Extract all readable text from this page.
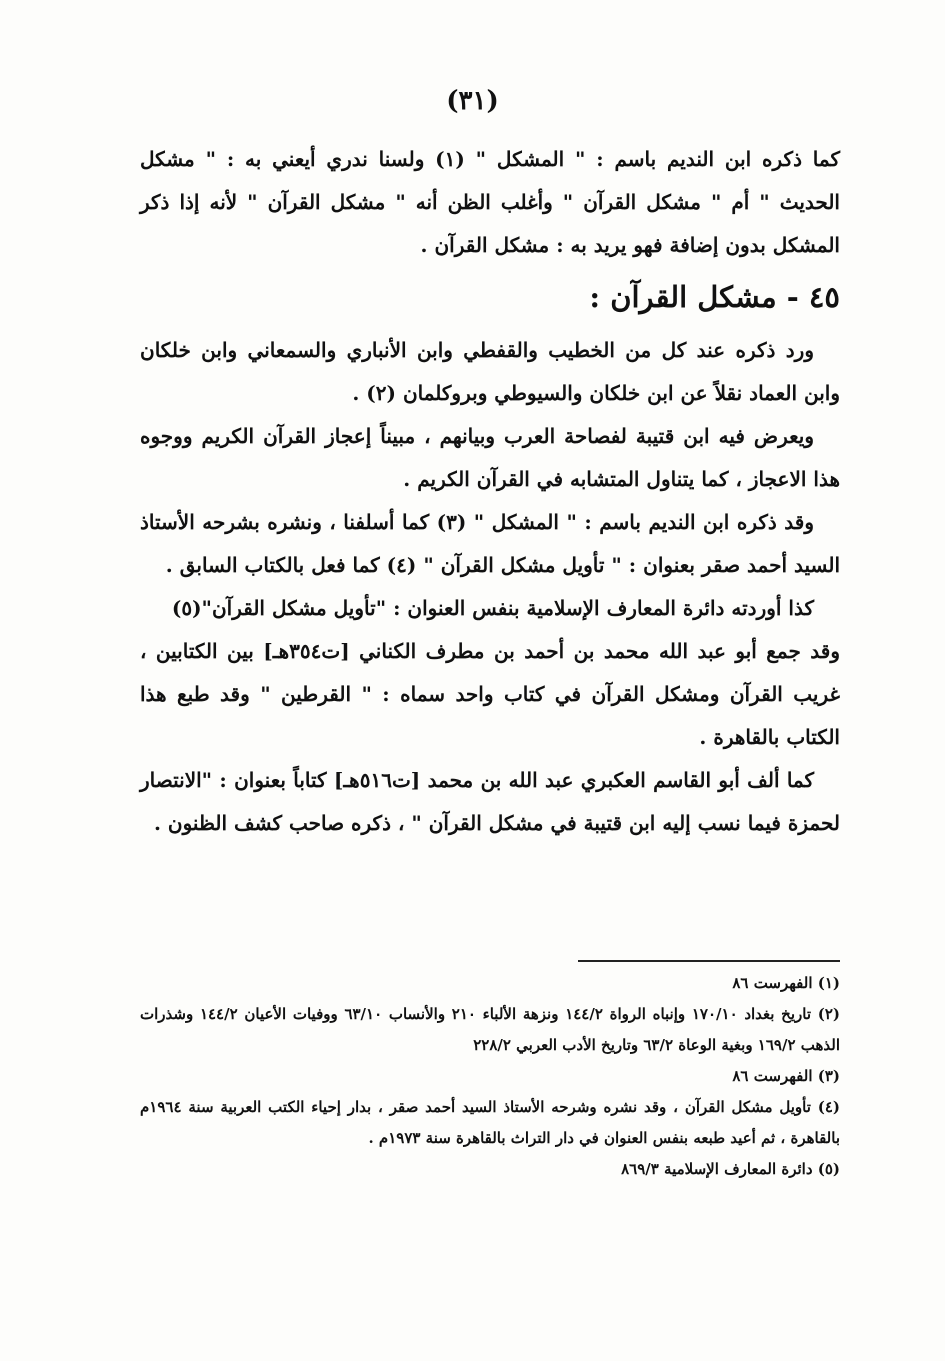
(٣١)

كما ذكره ابن النديم باسم : " المشكل " (١) ولسنا ندري أيعني به : " مشكل الحديث " أم " مشكل القرآن " وأغلب الظن أنه " مشكل القرآن " لأنه إذا ذكر المشكل بدون إضافة فهو يريد به : مشكل القرآن .

٤٥ - مشكل القرآن :

ورد ذكره عند كل من الخطيب والقفطي وابن الأنباري والسمعاني وابن خلكان وابن العماد نقلاً عن ابن خلكان والسيوطي وبروكلمان (٢) .

ويعرض فيه ابن قتيبة لفصاحة العرب وبيانهم ، مبيناً إعجاز القرآن الكريم ووجوه هذا الاعجاز ، كما يتناول المتشابه في القرآن الكريم .

وقد ذكره ابن النديم باسم : " المشكل " (٣) كما أسلفنا ، ونشره بشرحه الأستاذ السيد أحمد صقر بعنوان : " تأويل مشكل القرآن " (٤) كما فعل بالكتاب السابق .

كذا أوردته دائرة المعارف الإسلامية بنفس العنوان : "تأويل مشكل القرآن"(٥)

وقد جمع أبو عبد الله محمد بن أحمد بن مطرف الكناني [ت٣٥٤هـ] بين الكتابين ، غريب القرآن ومشكل القرآن في كتاب واحد سماه : " القرطين " وقد طبع هذا الكتاب بالقاهرة .

كما ألف أبو القاسم العكبري عبد الله بن محمد [ت٥١٦هـ] كتاباً بعنوان : "الانتصار لحمزة فيما نسب إليه ابن قتيبة في مشكل القرآن " ، ذكره صاحب كشف الظنون .

(١) الفهرست ٨٦

(٢) تاريخ بغداد ١٧٠/١٠ وإنباه الرواة ١٤٤/٢ ونزهة الألباء ٢١٠ والأنساب ٦٣/١٠ ووفيات الأعيان ١٤٤/٢ وشذرات الذهب ١٦٩/٢ وبغية الوعاة ٦٣/٢ وتاريخ الأدب العربي ٢٢٨/٢

(٣) الفهرست ٨٦

(٤) تأويل مشكل القرآن ، وقد نشره وشرحه الأستاذ السيد أحمد صقر ، بدار إحياء الكتب العربية سنة ١٩٦٤م بالقاهرة ، ثم أعيد طبعه بنفس العنوان في دار التراث بالقاهرة سنة ١٩٧٣م .

(٥) دائرة المعارف الإسلامية ٨٦٩/٣
